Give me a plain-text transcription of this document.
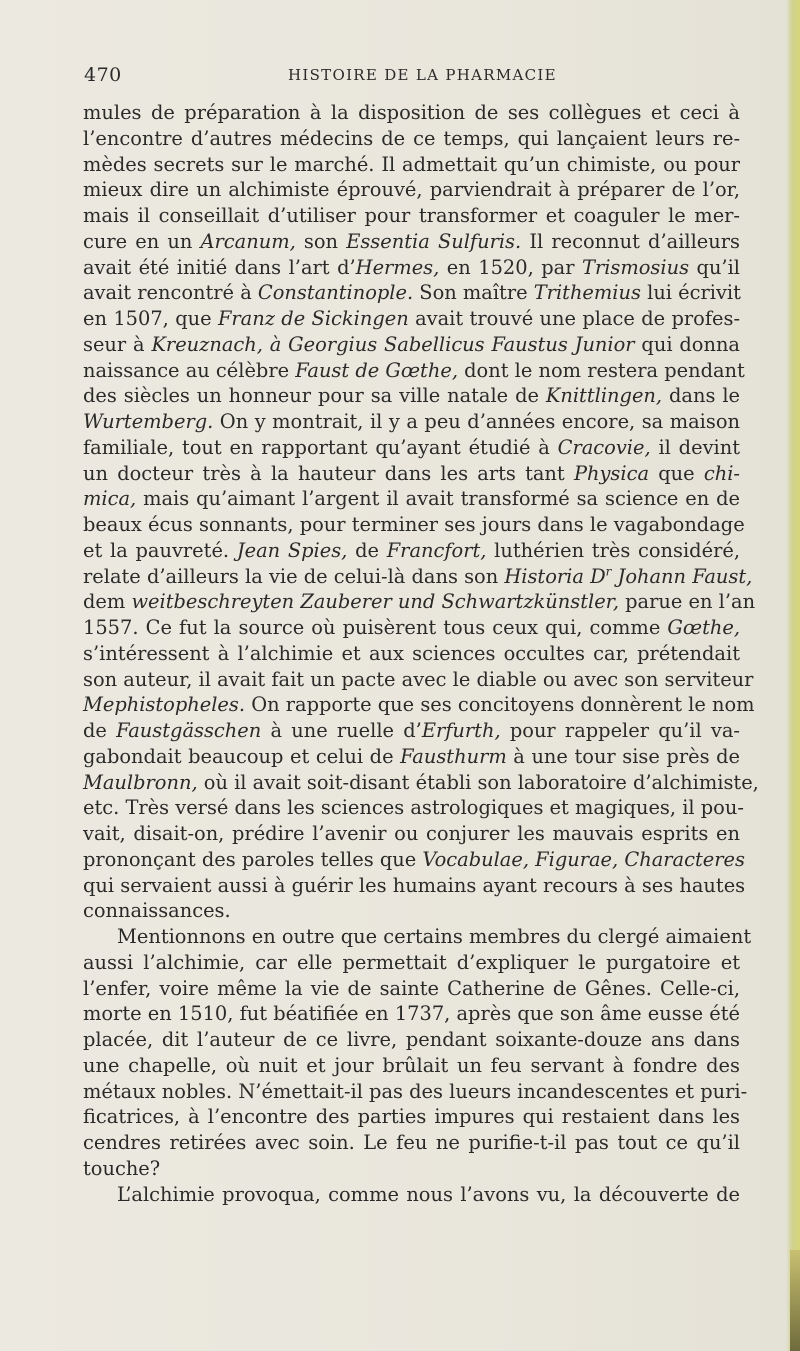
470	HISTOIRE DE LA PHARMACIE
mules de préparation à la disposition de ses collègues et ceci à
l’encontre d’autres médecins de ce temps, qui lançaient leurs re-
mèdes secrets sur le marché. Il admettait qu’un chimiste, ou pour
mieux dire un alchimiste éprouvé, parviendrait à préparer de l’or,
mais il conseillait d’utiliser pour transformer et coaguler le mer-
cure en un Arcanum, son Essentia Sulfuris. Il reconnut d’ailleurs
avait été initié dans l’art d’Hermes, en 1520, par Trismosius qu’il
avait rencontré à Constantinople. Son maître Trithemius lui écrivit
en 1507, que Franz de Sickingen avait trouvé une place de profes-
seur à Kreuznach, à Georgius Sabellicus Faustus Junior qui donna
naissance au célèbre Faust de Gœthe, dont le nom restera pendant
des siècles un honneur pour sa ville natale de Knittlingen, dans le
Wurtemberg. On y montrait, il y a peu d’années encore, sa maison
familiale, tout en rapportant qu’ayant étudié à Cracovie, il devint
un docteur très à la hauteur dans les arts tant Physica que chi-
mica, mais qu’aimant l’argent il avait transformé sa science en de
beaux écus sonnants, pour terminer ses jours dans le vagabondage
et la pauvreté. Jean Spies, de Francfort, luthérien très considéré,
relate d’ailleurs la vie de celui-là dans son Historia $D^r$ Johann Faust,
dem weitbeschreyten Zauberer und Schwartzkünstler, parue en l’an
1557. Ce fut la source où puisèrent tous ceux qui, comme Gœthe,
s’intéressent à l’alchimie et aux sciences occultes car, prétendait
son auteur, il avait fait un pacte avec le diable ou avec son serviteur
Mephistopheles. On rapporte que ses concitoyens donnèrent le nom
de Faustgässchen à une ruelle d’Erfurth, pour rappeler qu’il va-
gabondait beaucoup et celui de Fausthurm à une tour sise près de
Maulbronn, où il avait soit-disant établi son laboratoire d’alchimiste,
etc. Très versé dans les sciences astrologiques et magiques, il pou-
vait, disait-on, prédire l’avenir ou conjurer les mauvais esprits en
prononçant des paroles telles que Vocabulae, Figurae, Characteres
qui servaient aussi à guérir les humains ayant recours à ses hautes
connaissances.
Mentionnons en outre que certains membres du clergé aimaient
aussi l’alchimie, car elle permettait d’expliquer le purgatoire et
l’enfer, voire même la vie de sainte Catherine de Gênes. Celle-ci,
morte en 1510, fut béatifiée en 1737, après que son âme eusse été
placée, dit l’auteur de ce livre, pendant soixante-douze ans dans
une chapelle, où nuit et jour brûlait un feu servant à fondre des
métaux nobles. N’émettait-il pas des lueurs incandescentes et puri-
ficatrices, à l’encontre des parties impures qui restaient dans les
cendres retirées avec soin. Le feu ne purifie-t-il pas tout ce qu’il
touche?
L’alchimie provoqua, comme nous l’avons vu, la découverte de
